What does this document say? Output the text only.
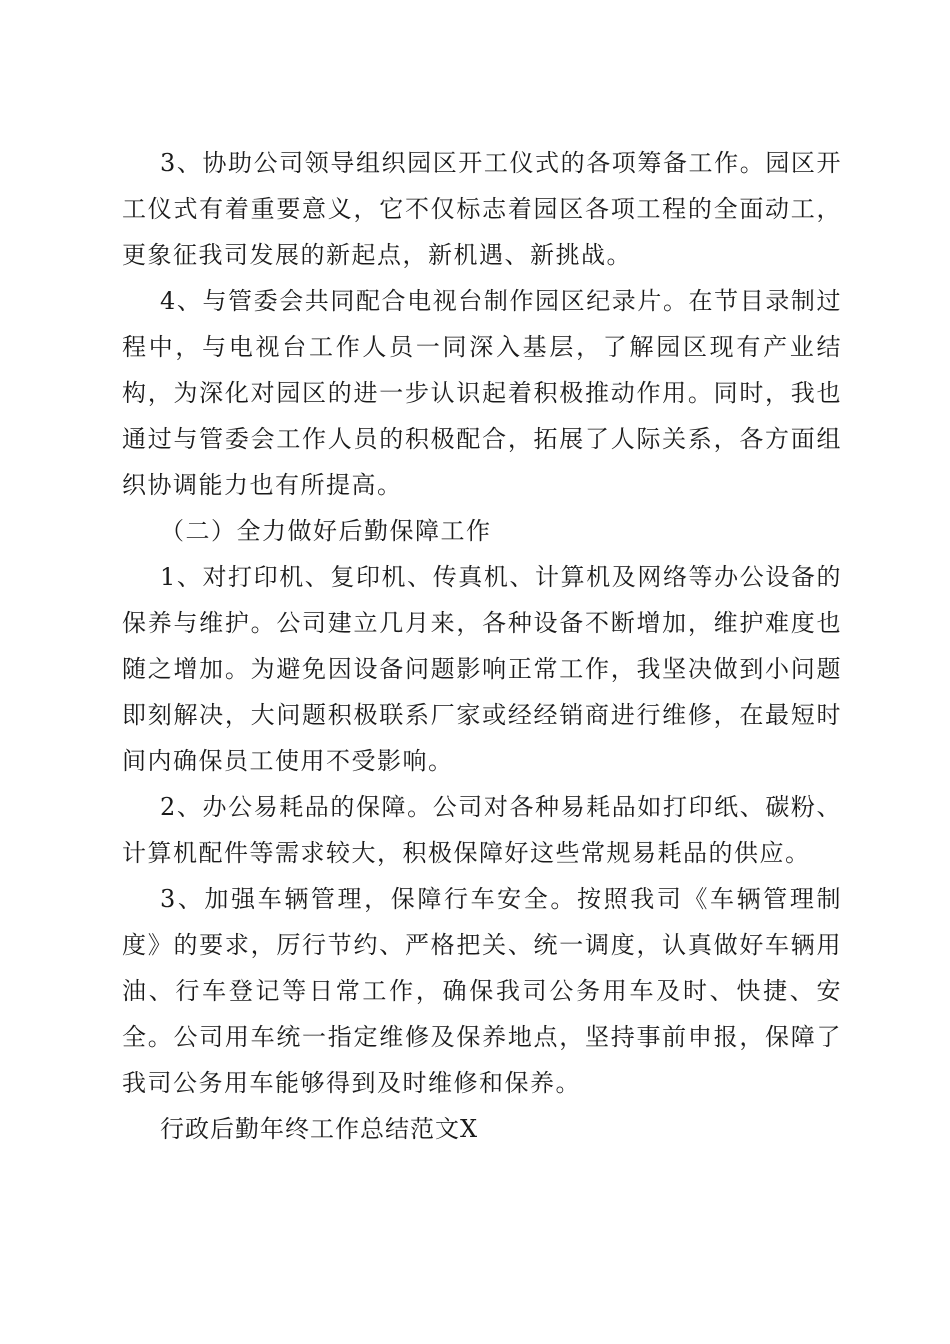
3、协助公司领导组织园区开工仪式的各项筹备工作。园区开工仪式有着重要意义，它不仅标志着园区各项工程的全面动工，更象征我司发展的新起点，新机遇、新挑战。

4、与管委会共同配合电视台制作园区纪录片。在节目录制过程中，与电视台工作人员一同深入基层，了解园区现有产业结构，为深化对园区的进一步认识起着积极推动作用。同时，我也通过与管委会工作人员的积极配合，拓展了人际关系，各方面组织协调能力也有所提高。

（二）全力做好后勤保障工作

1、对打印机、复印机、传真机、计算机及网络等办公设备的保养与维护。公司建立几月来，各种设备不断增加，维护难度也随之增加。为避免因设备问题影响正常工作，我坚决做到小问题即刻解决，大问题积极联系厂家或经经销商进行维修，在最短时间内确保员工使用不受影响。

2、办公易耗品的保障。公司对各种易耗品如打印纸、碳粉、计算机配件等需求较大，积极保障好这些常规易耗品的供应。

3、加强车辆管理，保障行车安全。按照我司《车辆管理制度》的要求，厉行节约、严格把关、统一调度，认真做好车辆用油、行车登记等日常工作，确保我司公务用车及时、快捷、安全。公司用车统一指定维修及保养地点，坚持事前申报，保障了我司公务用车能够得到及时维修和保养。

行政后勤年终工作总结范文X
